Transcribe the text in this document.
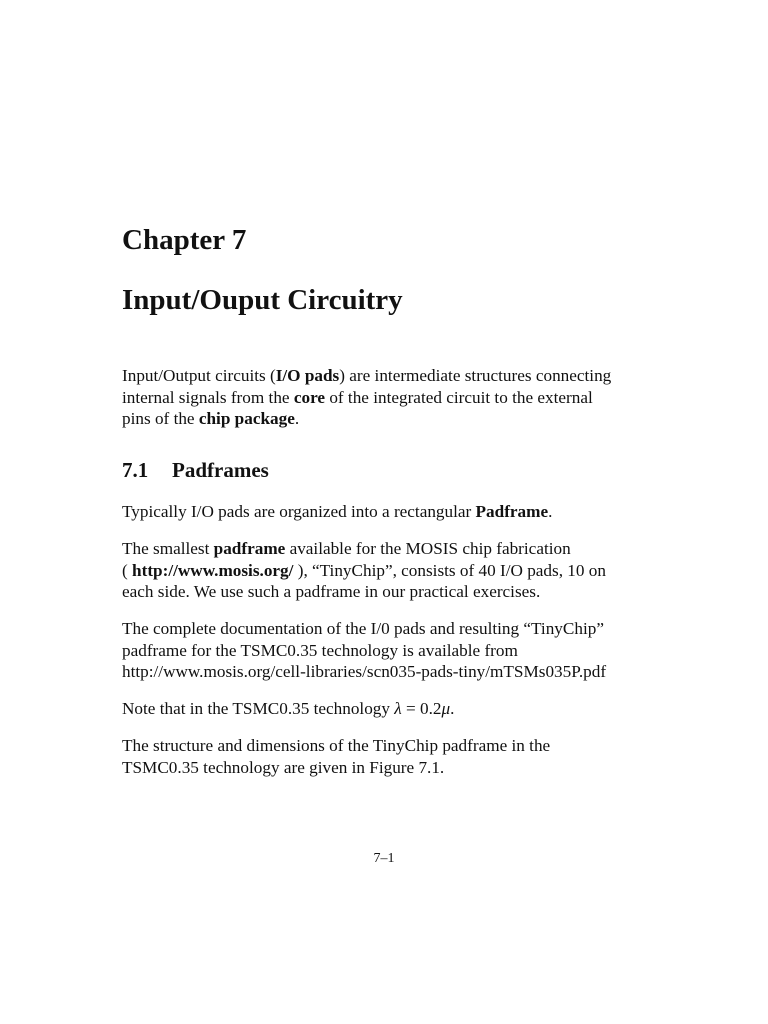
Chapter 7
Input/Ouput Circuitry

Input/Output circuits (I/O pads) are intermediate structures connecting
internal signals from the core of the integrated circuit to the external
pins of the chip package.

7.1 Padframes

Typically I/O pads are organized into a rectangular Padframe.

The smallest padframe available for the MOSIS chip fabrication
( http://www.mosis.org/ ), “TinyChip”, consists of 40 I/O pads, 10 on
each side. We use such a padframe in our practical exercises.

The complete documentation of the I/0 pads and resulting “TinyChip”
padframe for the TSMC0.35 technology is available from
http://www.mosis.org/cell-libraries/scn035-pads-tiny/mTSMs035P.pdf

Note that in the TSMC0.35 technology λ = 0.2μ.

The structure and dimensions of the TinyChip padframe in the
TSMC0.35 technology are given in Figure 7.1.

7–1
